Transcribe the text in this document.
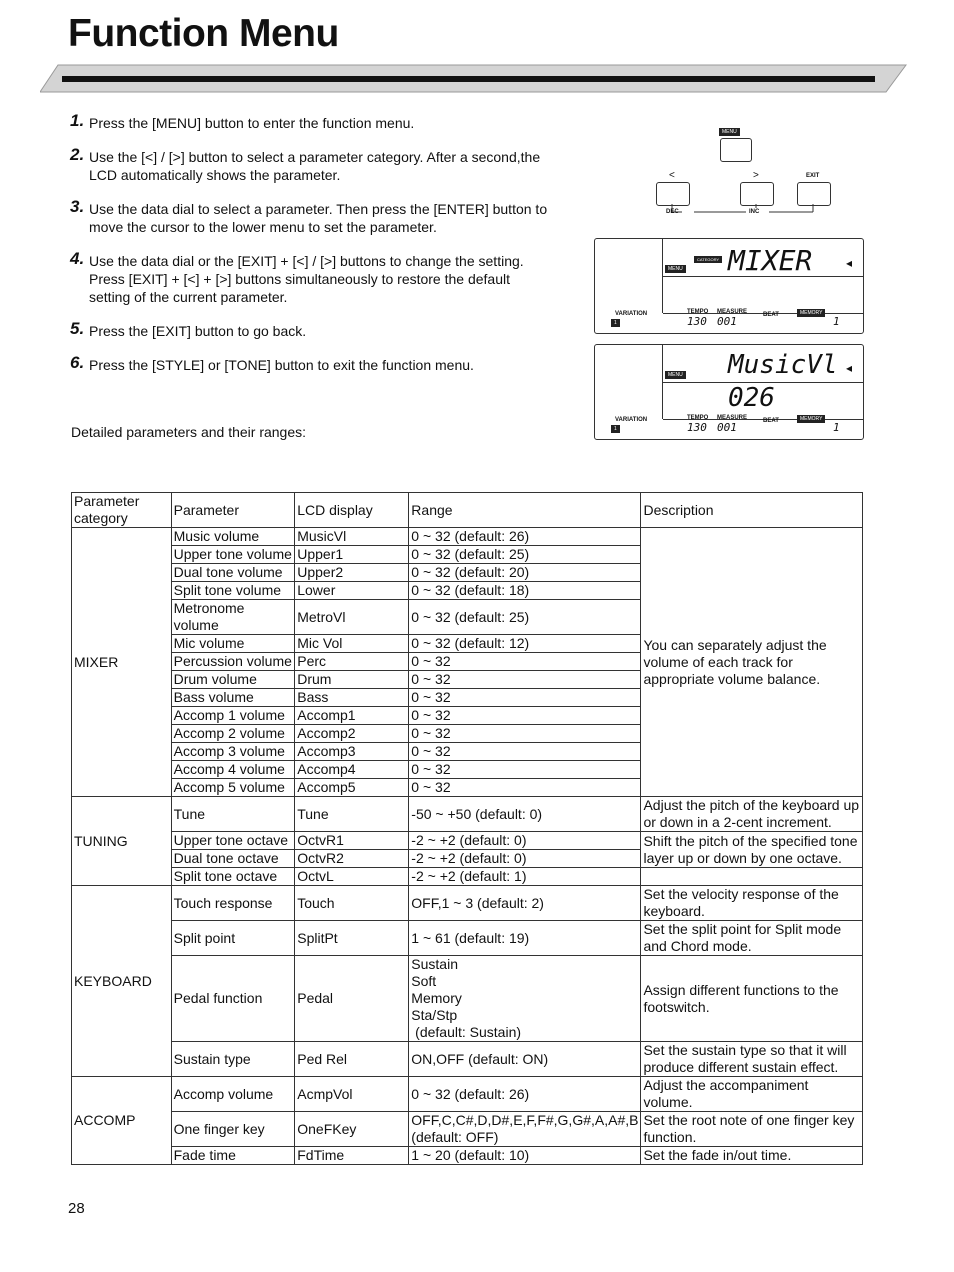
Function Menu
1. Press the [MENU] button to enter the function menu.
2. Use the [<] / [>] button to select a parameter category. After a second,the LCD automatically shows the parameter.
3. Use the data dial to select a parameter. Then press the [ENTER] button to move the cursor to the lower menu to set the parameter.
4. Use the data dial or the [EXIT] + [<] / [>] buttons to change the setting. Press [EXIT] + [<] + [>] buttons simultaneously to restore the default setting of the current parameter.
5. Press the [EXIT] button to go back.
6. Press the [STYLE] or [TONE] button to exit the function menu.
Detailed parameters and their ranges:
MENU
<	>	EXIT
DEC	INC
CATEGORY
MENU MIXER	◂
VARIATION
1
TEMPO MEASURE	BEAT	MEMORY
130 001	1
MENU MusicVl
026
◂
VARIATION
1
TEMPO MEASURE	BEAT	MEMORY
130 001	1
Parameter category	Parameter	LCD display	Range	Description
MIXER	Music volume	MusicVl	0 ~ 32 (default: 26)	You can separately adjust the volume of each track for appropriate volume balance.
	Upper tone volume	Upper1	0 ~ 32 (default: 25)	
	Dual tone volume	Upper2	0 ~ 32 (default: 20)	
	Split tone volume	Lower	0 ~ 32 (default: 18)	
	Metronome volume	MetroVl	0 ~ 32 (default: 25)	
	Mic volume	Mic Vol	0 ~ 32 (default: 12)	
	Percussion volume	Perc	0 ~ 32	
	Drum volume	Drum	0 ~ 32	
	Bass volume	Bass	0 ~ 32	
	Accomp 1 volume	Accomp1	0 ~ 32	
	Accomp 2 volume	Accomp2	0 ~ 32	
	Accomp 3 volume	Accomp3	0 ~ 32	
	Accomp 4 volume	Accomp4	0 ~ 32	
	Accomp 5 volume	Accomp5	0 ~ 32	
TUNING	Tune	Tune	-50 ~ +50 (default: 0)	Adjust the pitch of the keyboard up or down in a 2-cent increment.
	Upper tone octave	OctvR1	-2 ~ +2 (default: 0)	Shift the pitch of the specified tone layer up or down by one octave.
	Dual tone octave	OctvR2	-2 ~ +2 (default: 0)	
	Split tone octave	OctvL	-2 ~ +2 (default: 1)	
KEYBOARD	Touch response	Touch	OFF,1 ~ 3 (default: 2)	Set the velocity response of the keyboard.
	Split point	SplitPt	1 ~ 61 (default: 19)	Set the split point for Split mode and Chord mode.
	Pedal function	Pedal	Sustain
Soft
Memory
Sta/Stp
(default: Sustain)	Assign different functions to the footswitch.
	Sustain type	Ped Rel	ON,OFF (default: ON)	Set the sustain type so that it will produce different sustain effect.
ACCOMP	Accomp volume	AcmpVol	0 ~ 32 (default: 26)	Adjust the accompaniment volume.
	One finger key	OneFKey	OFF,C,C#,D,D#,E,F,F#,G,G#,A,A#,B (default: OFF)	Set the root note of one finger key function.
	Fade time	FdTime	1 ~ 20 (default: 10)	Set the fade in/out time.
28
